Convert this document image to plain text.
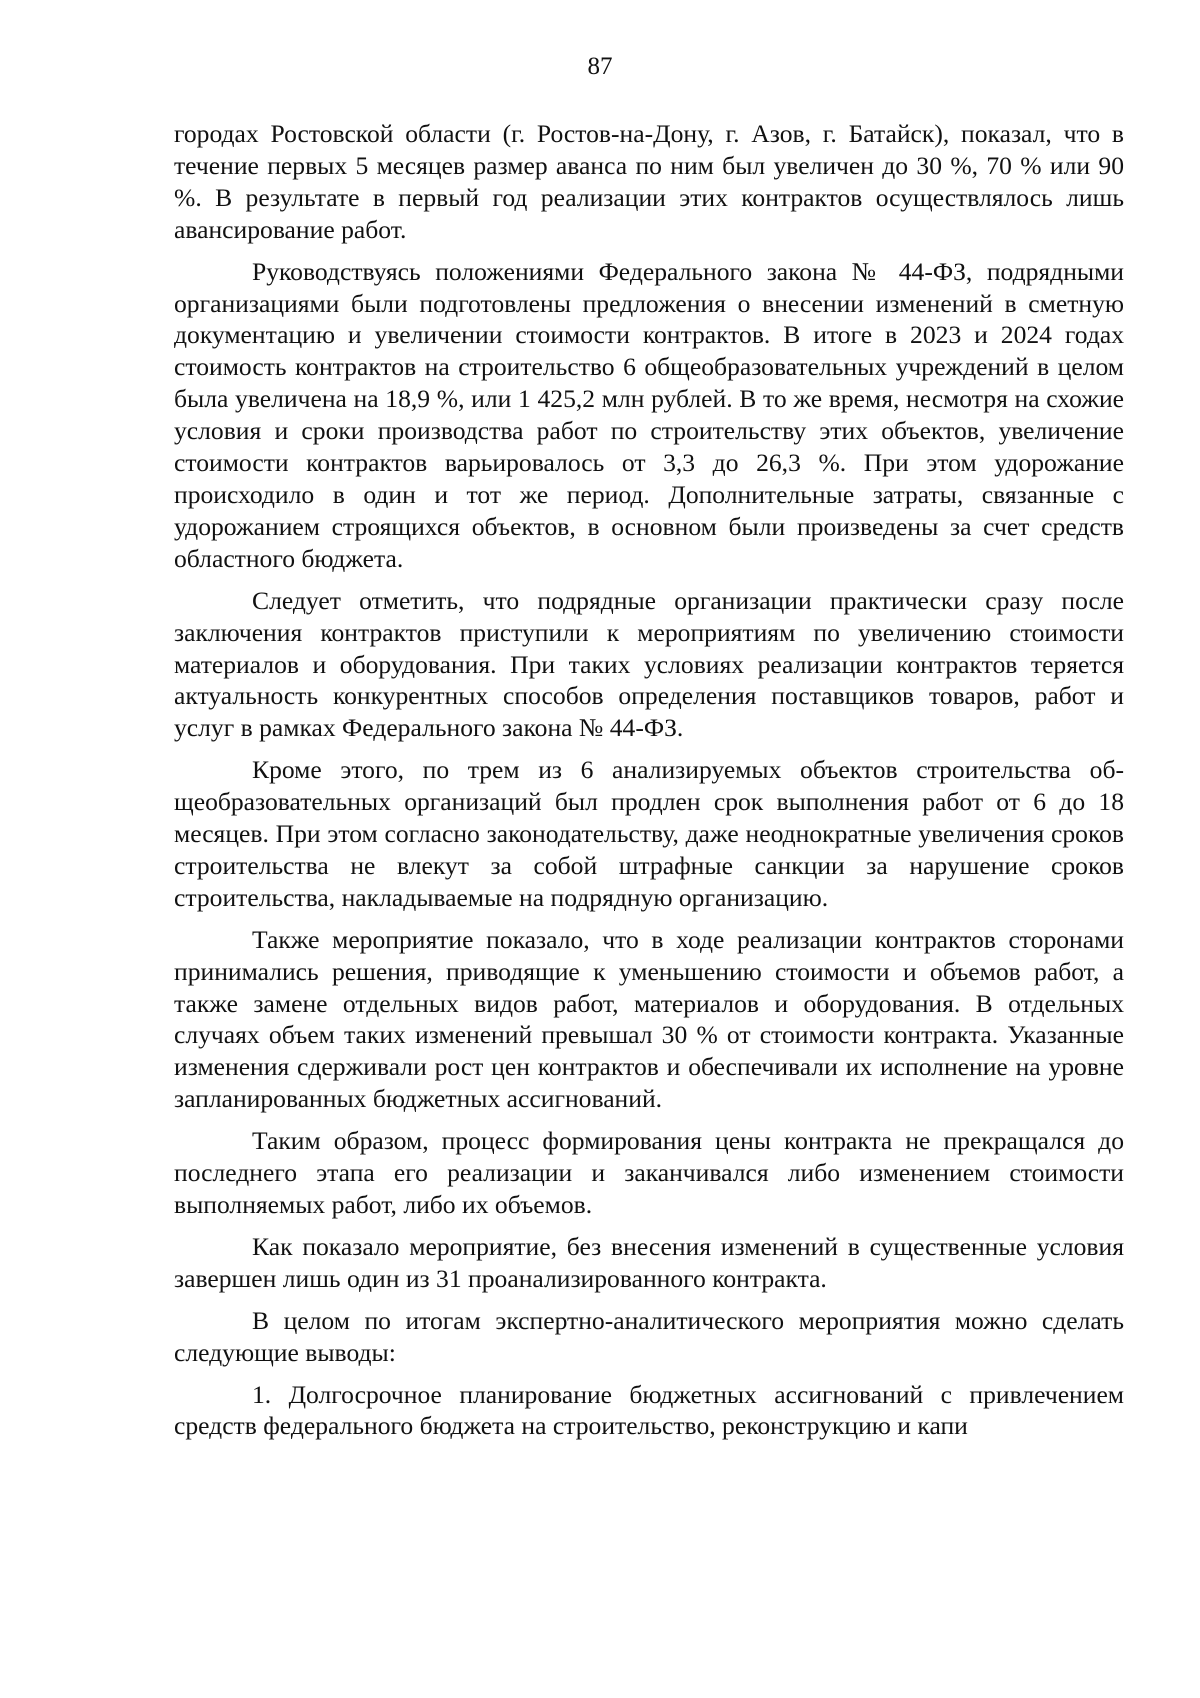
87

городах Ростовской области (г. Ростов-на-Дону, г. Азов, г. Батайск), показал, что в течение первых 5 месяцев размер аванса по ним был увеличен до 30 %, 70 % или 90 %. В результате в первый год реализации этих контрактов осуществлялось лишь авансирование работ.

Руководствуясь положениями Федерального закона № 44-ФЗ, подрядными организациями были подготовлены предложения о внесении изменений в сметную документацию и увеличении стоимости контрактов. В итоге в 2023 и 2024 годах стоимость контрактов на строительство 6 общеобразовательных учреждений в целом была увеличена на 18,9 %, или 1 425,2 млн рублей. В то же время, несмотря на схожие условия и сроки производства работ по строительству этих объектов, увеличение стоимости контрактов варьировалось от 3,3 до 26,3 %. При этом удорожание происходило в один и тот же период. Дополнительные затраты, связанные с удорожанием строящихся объектов, в основном были произведены за счет средств областного бюджета.

Следует отметить, что подрядные организации практически сразу после заключения контрактов приступили к мероприятиям по увеличению стоимости материалов и оборудования. При таких условиях реализации контрактов теряется актуальность конкурентных способов определения поставщиков товаров, работ и услуг в рамках Федерального закона № 44-ФЗ.

Кроме этого, по трем из 6 анализируемых объектов строительства общеобразовательных организаций был продлен срок выполнения работ от 6 до 18 месяцев. При этом согласно законодательству, даже неоднократные увеличения сроков строительства не влекут за собой штрафные санкции за нарушение сроков строительства, накладываемые на подрядную организацию.

Также мероприятие показало, что в ходе реализации контрактов сторонами принимались решения, приводящие к уменьшению стоимости и объемов работ, а также замене отдельных видов работ, материалов и оборудования. В отдельных случаях объем таких изменений превышал 30 % от стоимости контракта. Указанные изменения сдерживали рост цен контрактов и обеспечивали их исполнение на уровне запланированных бюджетных ассигнований.

Таким образом, процесс формирования цены контракта не прекращался до последнего этапа его реализации и заканчивался либо изменением стоимости выполняемых работ, либо их объемов.

Как показало мероприятие, без внесения изменений в существенные условия завершен лишь один из 31 проанализированного контракта.

В целом по итогам экспертно-аналитического мероприятия можно сделать следующие выводы:

1. Долгосрочное планирование бюджетных ассигнований с привлечением средств федерального бюджета на строительство, реконструкцию и капи
